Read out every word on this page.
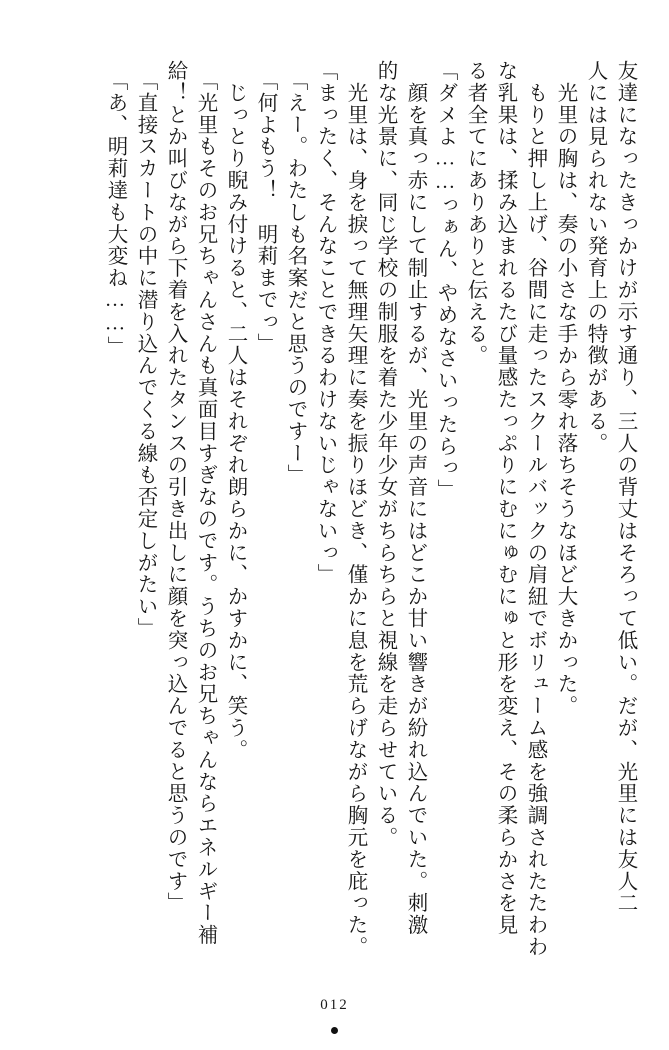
友達になったきっかけが示す通り、三人の背丈はそろって低い。だが、光里には友人二
人には見られない発育上の特徴がある。
　光里の胸は、奏の小さな手から零れ落ちそうなほど大きかった。
　もりと押し上げ、谷間に走ったスクールバックの肩紐でボリューム感を強調されたたわわ
な乳果は、揉み込まれるたび量感たっぷりにむにゅむにゅと形を変え、その柔らかさを見
る者全てにありありと伝える。
「ダメよ……っぁん、やめなさいったらっ」
　顔を真っ赤にして制止するが、光里の声音にはどこか甘い響きが紛れ込んでいた。刺激
的な光景に、同じ学校の制服を着た少年少女がちらちらと視線を走らせている。
　光里は、身を捩って無理矢理に奏を振りほどき、僅かに息を荒らげながら胸元を庇った。
「まったく、そんなことできるわけないじゃないっ」
「えー。わたしも名案だと思うのですー」
「何よもう！　明莉までっ」
　じっとり睨み付けると、二人はそれぞれ朗らかに、かすかに、笑う。
「光里もそのお兄ちゃんさんも真面目すぎなのです。うちのお兄ちゃんならエネルギー補
給！とか叫びながら下着を入れたタンスの引き出しに顔を突っ込んでると思うのです」
「直接スカートの中に潜り込んでくる線も否定しがたい」
「あ、明莉達も大変ね……」
012
